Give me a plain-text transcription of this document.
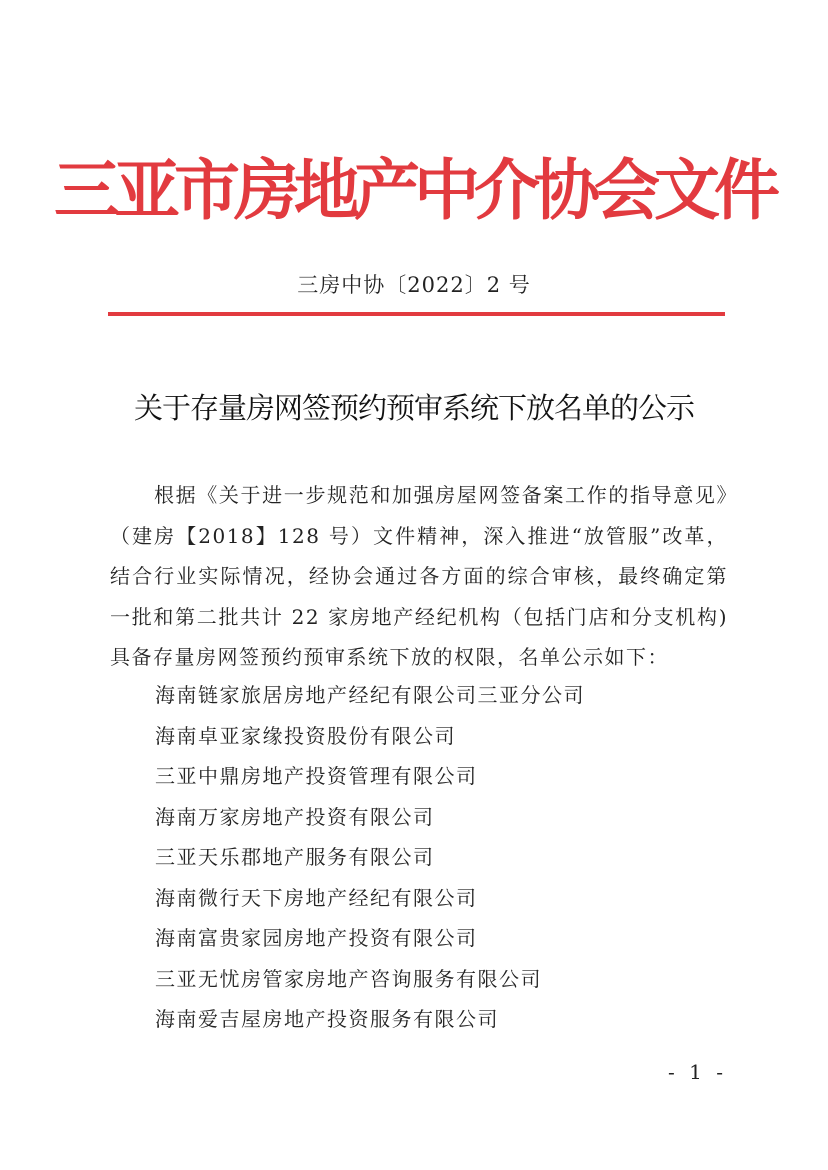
三亚市房地产中介协会文件
三房中协〔2022〕2 号
关于存量房网签预约预审系统下放名单的公示
根据《关于进一步规范和加强房屋网签备案工作的指导意见》（建房【2018】128 号）文件精神，深入推进“放管服”改革，结合行业实际情况，经协会通过各方面的综合审核，最终确定第一批和第二批共计 22 家房地产经纪机构（包括门店和分支机构)具备存量房网签预约预审系统下放的权限，名单公示如下：
海南链家旅居房地产经纪有限公司三亚分公司
海南卓亚家缘投资股份有限公司
三亚中鼎房地产投资管理有限公司
海南万家房地产投资有限公司
三亚天乐郡地产服务有限公司
海南微行天下房地产经纪有限公司
海南富贵家园房地产投资有限公司
三亚无忧房管家房地产咨询服务有限公司
海南爱吉屋房地产投资服务有限公司
- 1 -
